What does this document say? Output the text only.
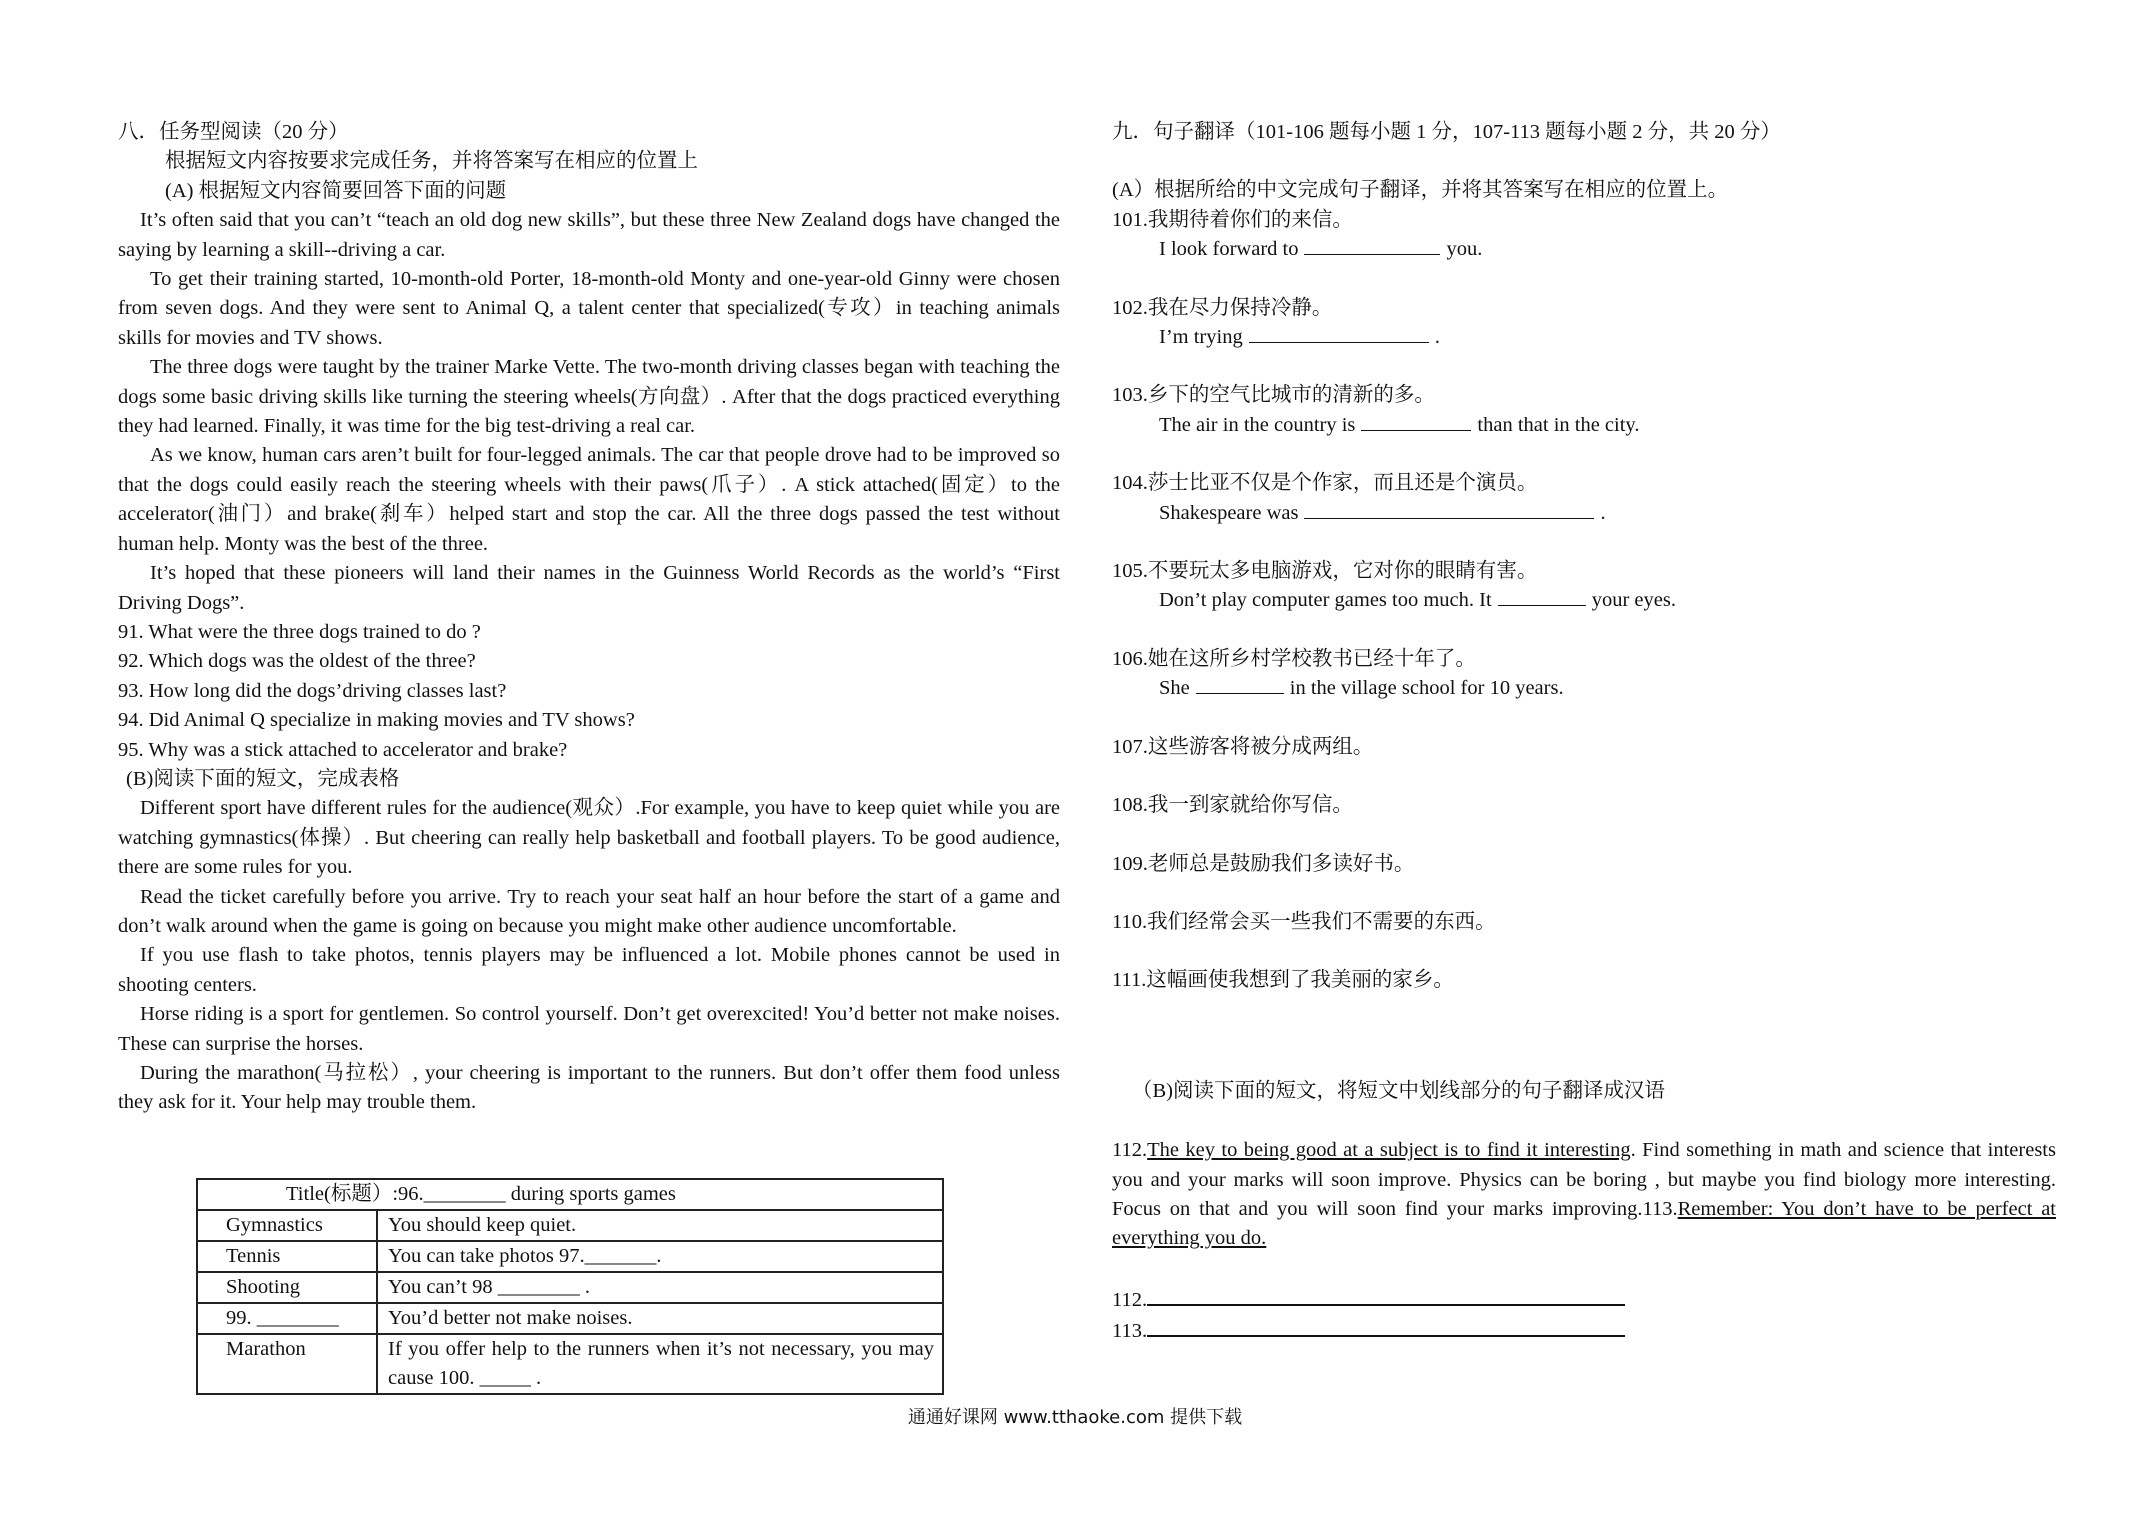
八．任务型阅读（20 分）
根据短文内容按要求完成任务，并将答案写在相应的位置上
(A) 根据短文内容简要回答下面的问题

It’s often said that you can’t “teach an old dog new skills”, but these three New Zealand dogs have changed the saying by learning a skill--driving a car.

To get their training started, 10-month-old Porter, 18-month-old Monty and one-year-old Ginny were chosen from seven dogs. And they were sent to Animal Q, a talent center that specialized(专攻）in teaching animals skills for movies and TV shows.

The three dogs were taught by the trainer Marke Vette. The two-month driving classes began with teaching the dogs some basic driving skills like turning the steering wheels(方向盘）. After that the dogs practiced everything they had learned. Finally, it was time for the big test-driving a real car.

As we know, human cars aren’t built for four-legged animals. The car that people drove had to be improved so that the dogs could easily reach the steering wheels with their paws(爪子）. A stick attached(固定）to the accelerator(油门）and brake(刹车）helped start and stop the car. All the three dogs passed the test without human help. Monty was the best of the three.

It’s hoped that these pioneers will land their names in the Guinness World Records as the world’s “First Driving Dogs”.

91. What were the three dogs trained to do ?
92. Which dogs was the oldest of the three?
93. How long did the dogs’driving classes last?
94. Did Animal Q specialize in making movies and TV shows?
95. Why was a stick attached to accelerator and brake?
(B)阅读下面的短文，完成表格

Different sport have different rules for the audience(观众）.For example, you have to keep quiet while you are watching gymnastics(体操）. But cheering can really help basketball and football players. To be good audience, there are some rules for you.

Read the ticket carefully before you arrive. Try to reach your seat half an hour before the start of a game and don’t walk around when the game is going on because you might make other audience uncomfortable.

If you use flash to take photos, tennis players may be influenced a lot. Mobile phones cannot be used in shooting centers.

Horse riding is a sport for gentlemen. So control yourself. Don’t get overexcited! You’d better not make noises. These can surprise the horses.

During the marathon(马拉松）, your cheering is important to the runners. But don’t offer them food unless they ask for it. Your help may trouble them.

Title(标题）:96.________ during sports games	
Gymnastics	You should keep quiet.
Tennis	You can take photos 97._______.
Shooting	You can’t 98 ________ .
99. ________	You’d better not make noises.
Marathon	If you offer help to the runners when it’s not necessary, you may cause 100. _____ .
九．句子翻译（101-106 题每小题 1 分，107-113 题每小题 2 分，共 20 分）
(A）根据所给的中文完成句子翻译，并将其答案写在相应的位置上。
101.我期待着你们的来信。
I look forward to	you.
102.我在尽力保持冷静。
I’m trying	.
103.乡下的空气比城市的清新的多。
The air in the country is	than that in the city.
104.莎士比亚不仅是个作家，而且还是个演员。
Shakespeare was	.
105.不要玩太多电脑游戏，它对你的眼睛有害。
Don’t play computer games too much. It	your eyes.
106.她在这所乡村学校教书已经十年了。
She	in the village school for 10 years.
107.这些游客将被分成两组。
108.我一到家就给你写信。
109.老师总是鼓励我们多读好书。
110.我们经常会买一些我们不需要的东西。
111.这幅画使我想到了我美丽的家乡。
（B)阅读下面的短文，将短文中划线部分的句子翻译成汉语

112.The key to being good at a subject is to find it interesting. Find something in math and science that interests you and your marks will soon improve. Physics can be boring , but maybe you find biology more interesting. Focus on that and you will soon find your marks improving.113.Remember: You don’t have to be perfect at everything you do.

112.
113.
通通好课网 www.tthaoke.com 提供下载
